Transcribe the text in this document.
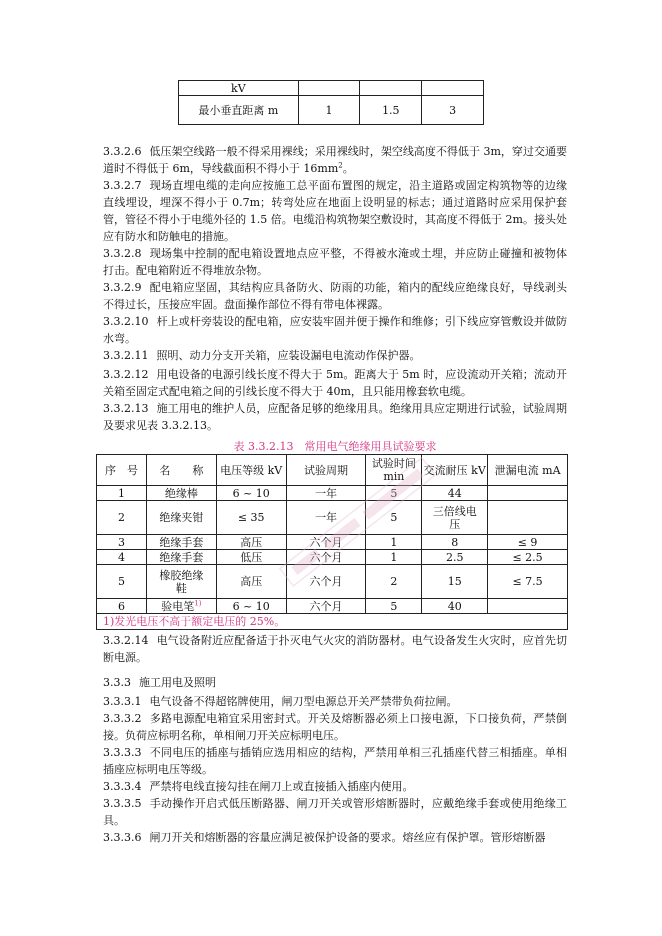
kV			
最小垂直距离 m	1	1.5	3
3.3.2.6 低压架空线路一般不得采用裸线；采用裸线时，架空线高度不得低于 3m，穿过交通要道时不得低于 6m，导线截面积不得小于 $16mm^2$。
3.3.2.7 现场直埋电缆的走向应按施工总平面布置图的规定，沿主道路或固定构筑物等的边缘直线埋设，埋深不得小于 0.7m；转弯处应在地面上设明显的标志；通过道路时应采用保护套管，管径不得小于电缆外径的 1.5 倍。电缆沿构筑物架空敷设时，其高度不得低于 2m。接头处应有防水和防触电的措施。
3.3.2.8 现场集中控制的配电箱设置地点应平整，不得被水淹或土埋，并应防止碰撞和被物体打击。配电箱附近不得堆放杂物。
3.3.2.9 配电箱应坚固，其结构应具备防火、防雨的功能，箱内的配线应绝缘良好，导线剥头不得过长，压接应牢固。盘面操作部位不得有带电体裸露。
3.3.2.10 杆上或杆旁装设的配电箱，应安装牢固并便于操作和维修；引下线应穿管敷设并做防水弯。
3.3.2.11 照明、动力分支开关箱，应装设漏电电流动作保护器。
3.3.2.12 用电设备的电源引线长度不得大于 5m。距离大于 5m 时，应设流动开关箱；流动开关箱至固定式配电箱之间的引线长度不得大于 40m，且只能用橡套软电缆。
3.3.2.13 施工用电的维护人员，应配备足够的绝缘用具。绝缘用具应定期进行试验，试验周期及要求见表 3.3.2.13。
表 3.3.2.13　常用电气绝缘用具试验要求
序　号	名　　称	电压等级 kV	试验周期	试验时间 min	交流耐压 kV	泄漏电流 mA
1	绝缘棒	6 ~ 10	一年	5	44	
2	绝缘夹钳	≤ 35	一年	5	三倍线电压	
3	绝缘手套	高压	六个月	1	8	≤ 9
4	绝缘手套	低压	六个月	1	2.5	≤ 2.5
5	橡胶绝缘鞋	高压	六个月	2	15	≤ 7.5
6	验电笔$^{1)}$	6 ~ 10	六个月	5	40	
1)发光电压不高于额定电压的 25%。						
3.3.2.14 电气设备附近应配备适于扑灭电气火灾的消防器材。电气设备发生火灾时，应首先切断电源。
3.3.3 施工用电及照明
3.3.3.1 电气设备不得超铭牌使用，闸刀型电源总开关严禁带负荷拉闸。
3.3.3.2 多路电源配电箱宜采用密封式。开关及熔断器必须上口接电源，下口接负荷，严禁倒接。负荷应标明名称，单相闸刀开关应标明电压。
3.3.3.3 不同电压的插座与插销应选用相应的结构，严禁用单相三孔插座代替三相插座。单相插座应标明电压等级。
3.3.3.4 严禁将电线直接勾挂在闸刀上或直接插入插座内使用。
3.3.3.5 手动操作开启式低压断路器、闸刀开关或管形熔断器时，应戴绝缘手套或使用绝缘工具。
3.3.3.6 闸刀开关和熔断器的容量应满足被保护设备的要求。熔丝应有保护罩。管形熔断器
